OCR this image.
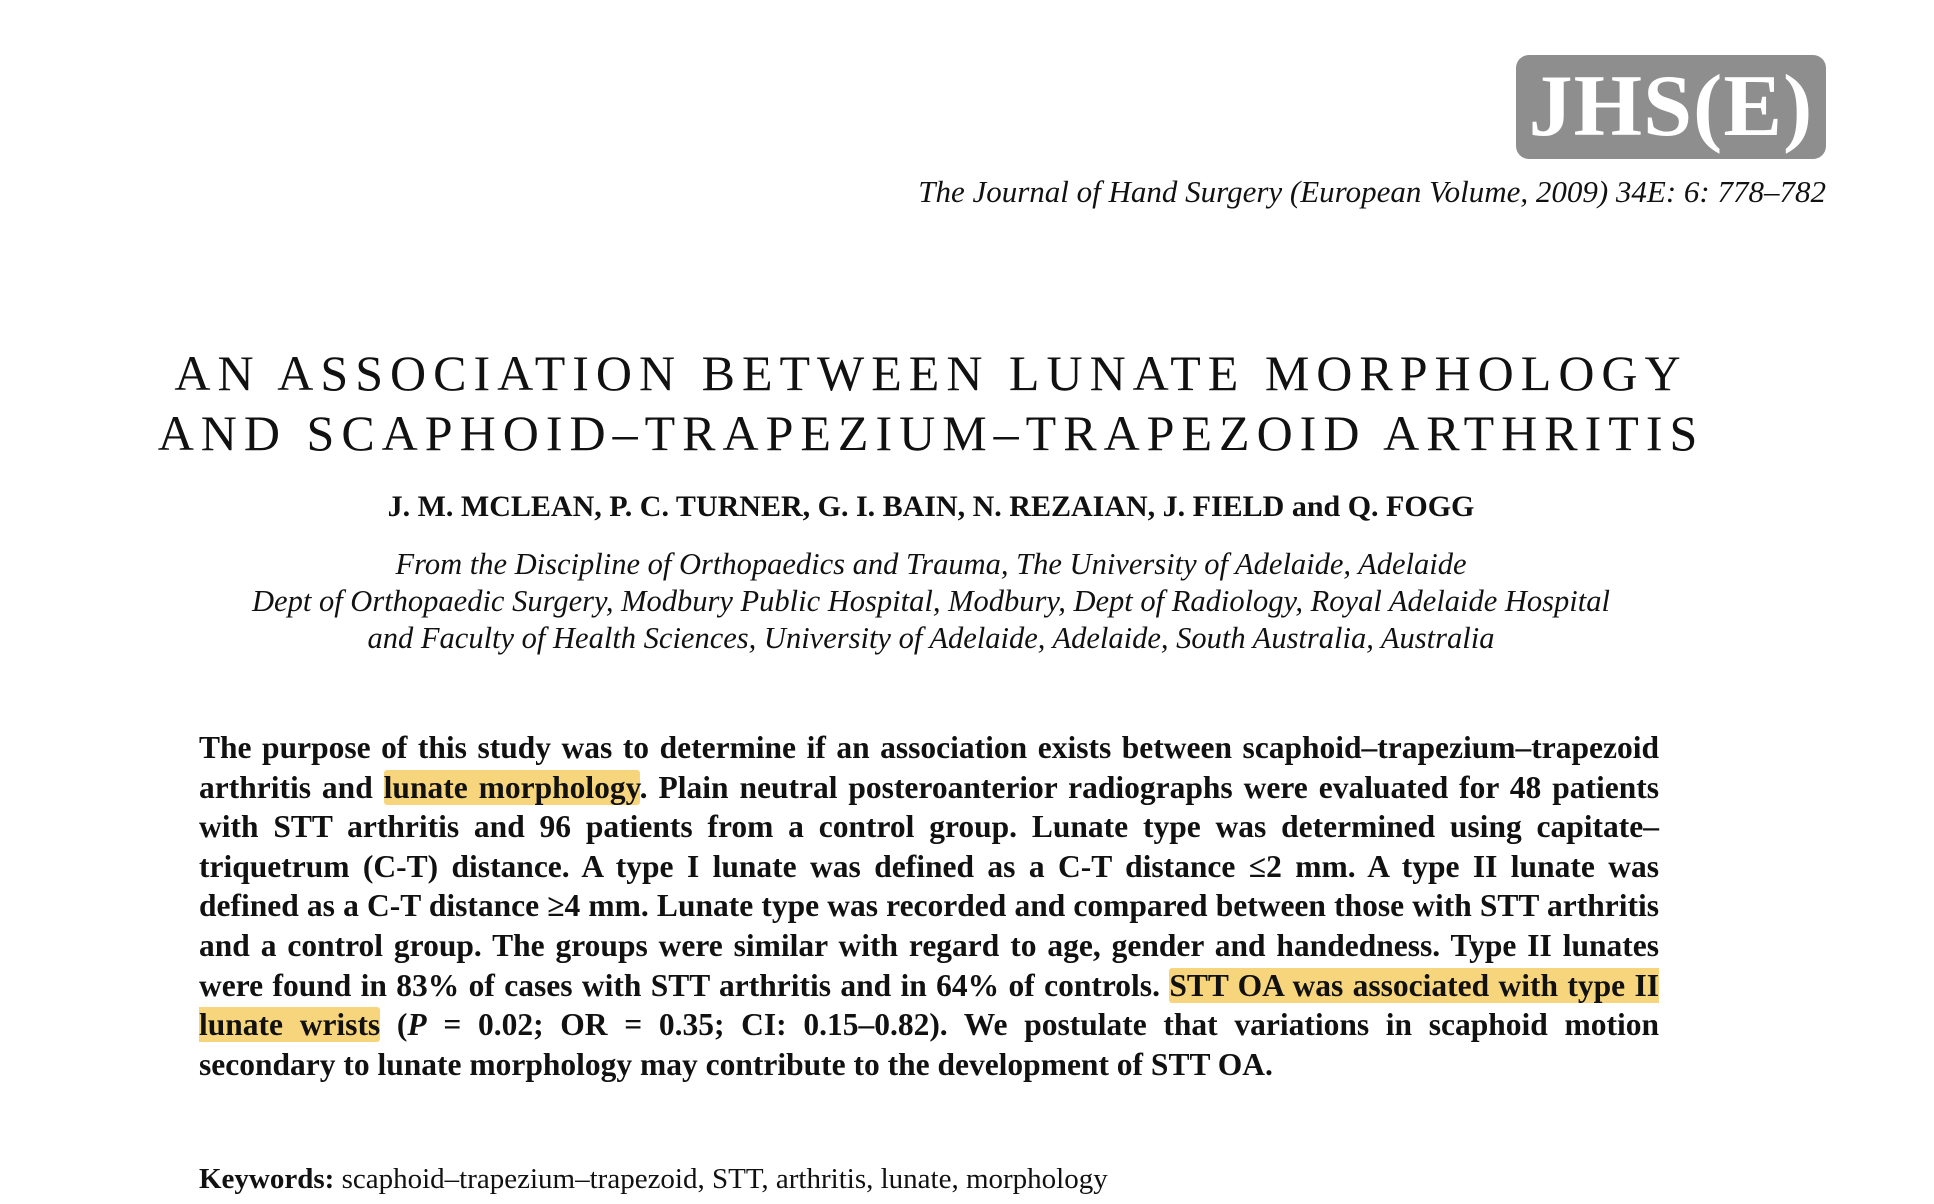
JHS(E)
The Journal of Hand Surgery (European Volume, 2009) 34E: 6: 778–782
AN ASSOCIATION BETWEEN LUNATE MORPHOLOGY
AND SCAPHOID–TRAPEZIUM–TRAPEZOID ARTHRITIS
J. M. MCLEAN, P. C. TURNER, G. I. BAIN, N. REZAIAN, J. FIELD and Q. FOGG
From the Discipline of Orthopaedics and Trauma, The University of Adelaide, Adelaide
Dept of Orthopaedic Surgery, Modbury Public Hospital, Modbury, Dept of Radiology, Royal Adelaide Hospital
and Faculty of Health Sciences, University of Adelaide, Adelaide, South Australia, Australia

The purpose of this study was to determine if an association exists between scaphoid–trapezium–trapezoid arthritis and lunate morphology. Plain neutral posteroanterior radiographs were evaluated for 48 patients with STT arthritis and 96 patients from a control group. Lunate type was determined using capitate–triquetrum (C-T) distance. A type I lunate was defined as a C-T distance ≤2 mm. A type II lunate was defined as a C-T distance ≥4 mm. Lunate type was recorded and compared between those with STT arthritis and a control group. The groups were similar with regard to age, gender and handedness. Type II lunates were found in 83% of cases with STT arthritis and in 64% of controls. STT OA was associated with type II lunate wrists (P = 0.02; OR = 0.35; CI: 0.15–0.82). We postulate that variations in scaphoid motion secondary to lunate morphology may contribute to the development of STT OA.

Keywords: scaphoid–trapezium–trapezoid, STT, arthritis, lunate, morphology
